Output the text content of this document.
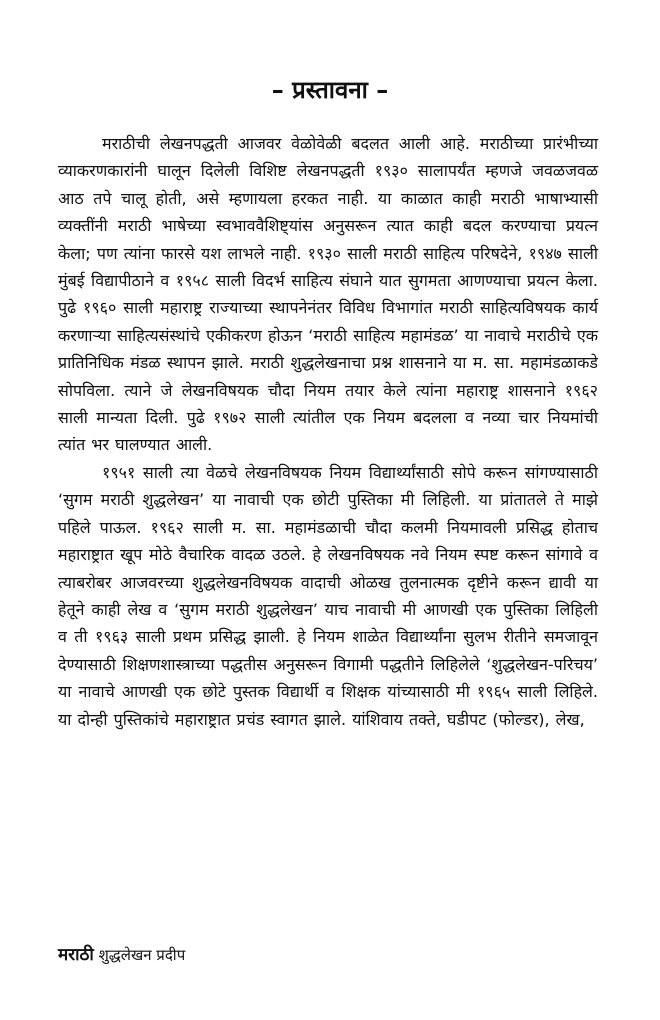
– प्रस्तावना –

मराठीची लेखनपद्धती आजवर वेळोवेळी बदलत आली आहे. मराठीच्या प्रारंभीच्या व्याकरणकारांनी घालून दिलेली विशिष्ट लेखनपद्धती १९३० सालापर्यंत म्हणजे जवळजवळ आठ तपे चालू होती, असे म्हणायला हरकत नाही. या काळात काही मराठी भाषाभ्यासी व्यक्तींनी मराठी भाषेच्या स्वभाववैशिष्ट्यांस अनुसरून त्यात काही बदल करण्याचा प्रयत्न केला; पण त्यांना फारसे यश लाभले नाही. १९३० साली मराठी साहित्य परिषदेने, १९४७ साली मुंबई विद्यापीठाने व १९५८ साली विदर्भ साहित्य संघाने यात सुगमता आणण्याचा प्रयत्न केला. पुढे १९६० साली महाराष्ट्र राज्याच्या स्थापनेनंतर विविध विभागांत मराठी साहित्यविषयक कार्य करणाऱ्या साहित्यसंस्थांचे एकीकरण होऊन ‘मराठी साहित्य महामंडळ’ या नावाचे मराठीचे एक प्रातिनिधिक मंडळ स्थापन झाले. मराठी शुद्धलेखनाचा प्रश्न शासनाने या म. सा. महामंडळाकडे सोपविला. त्याने जे लेखनविषयक चौदा नियम तयार केले त्यांना महाराष्ट्र शासनाने १९६२ साली मान्यता दिली. पुढे १९७२ साली त्यांतील एक नियम बदलला व नव्या चार नियमांची त्यांत भर घालण्यात आली.

१९५१ साली त्या वेळचे लेखनविषयक नियम विद्यार्थ्यांसाठी सोपे करून सांगण्यासाठी ‘सुगम मराठी शुद्धलेखन’ या नावाची एक छोटी पुस्तिका मी लिहिली. या प्रांतातले ते माझे पहिले पाऊल. १९६२ साली म. सा. महामंडळाची चौदा कलमी नियमावली प्रसिद्ध होताच महाराष्ट्रात खूप मोठे वैचारिक वादळ उठले. हे लेखनविषयक नवे नियम स्पष्ट करून सांगावे व त्याबरोबर आजवरच्या शुद्धलेखनविषयक वादाची ओळख तुलनात्मक दृष्टीने करून द्यावी या हेतूने काही लेख व ‘सुगम मराठी शुद्धलेखन’ याच नावाची मी आणखी एक पुस्तिका लिहिली व ती १९६३ साली प्रथम प्रसिद्ध झाली. हे नियम शाळेत विद्यार्थ्यांना सुलभ रीतीने समजावून देण्यासाठी शिक्षणशास्त्राच्या पद्धतीस अनुसरून विगामी पद्धतीने लिहिलेले ‘शुद्धलेखन-परिचय’ या नावाचे आणखी एक छोटे पुस्तक विद्यार्थी व शिक्षक यांच्यासाठी मी १९६५ साली लिहिले. या दोन्ही पुस्तिकांचे महाराष्ट्रात प्रचंड स्वागत झाले. यांशिवाय तक्ते, घडीपट (फोल्डर), लेख,

मराठी शुद्धलेखन प्रदीप
